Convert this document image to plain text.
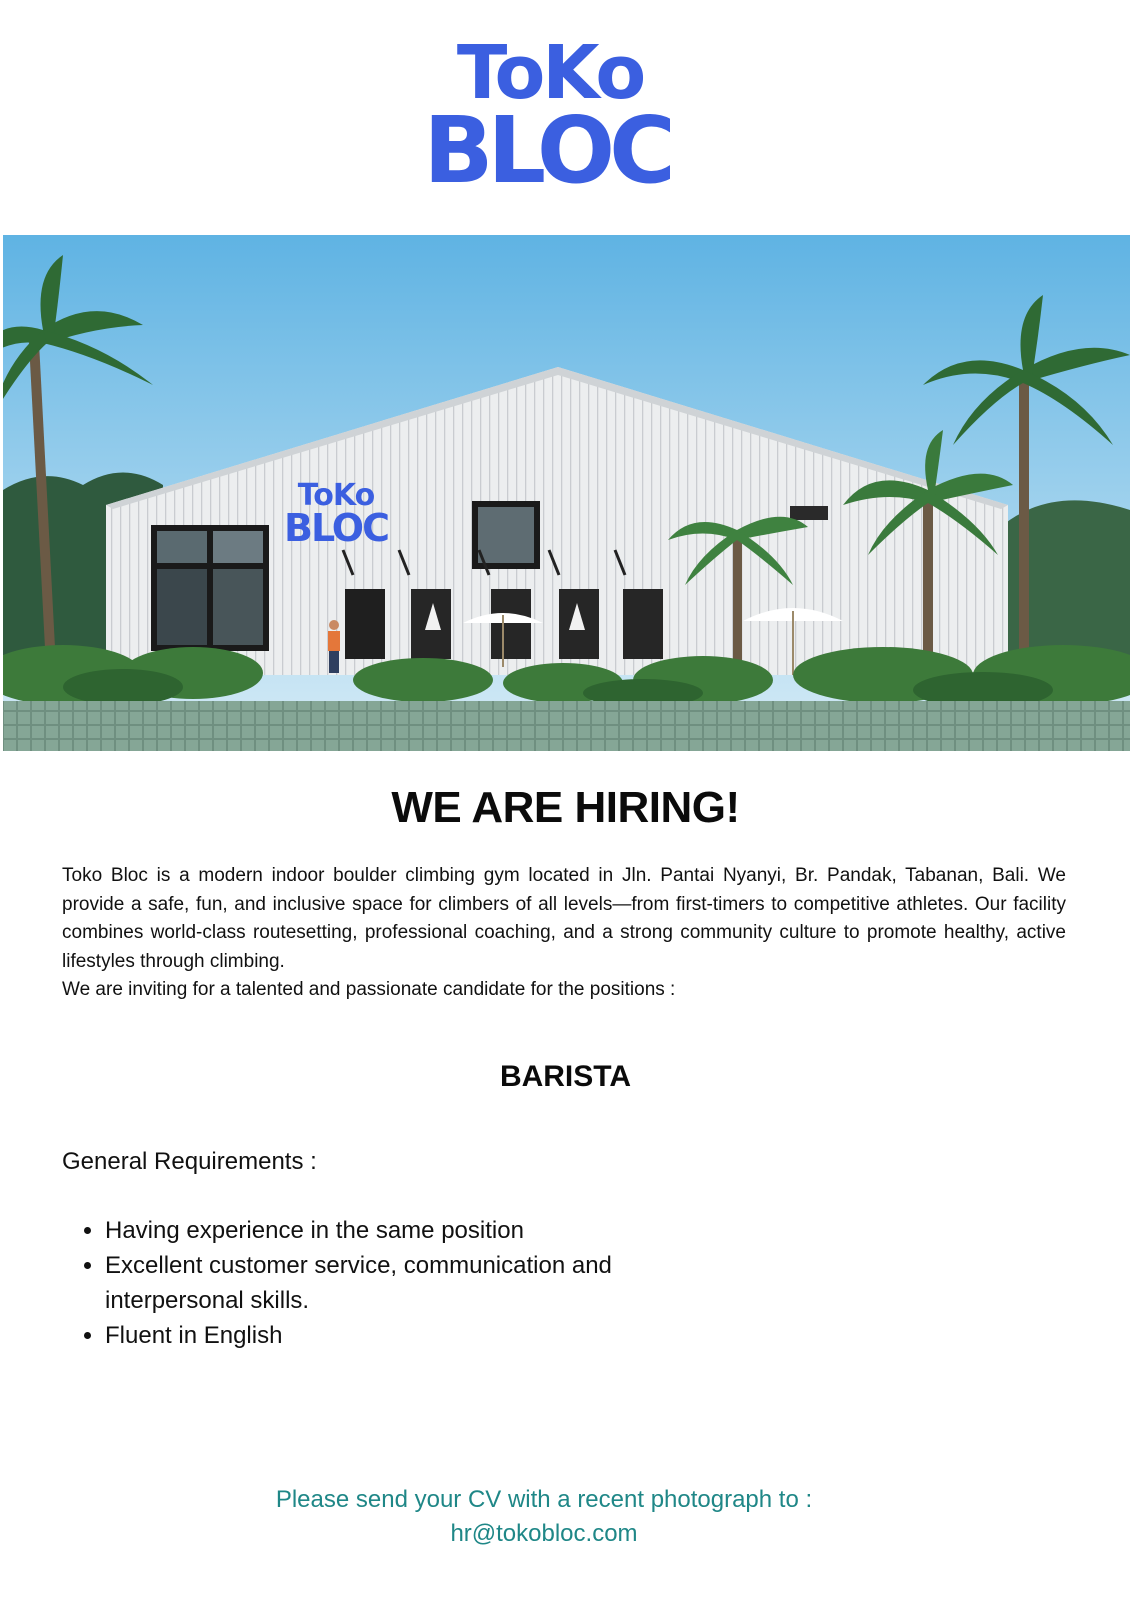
ToKo
BLOC
ToKo
BLOC
WE ARE HIRING!

Toko Bloc is a modern indoor boulder climbing gym located in Jln. Pantai Nyanyi, Br. Pandak, Tabanan, Bali. We provide a safe, fun, and inclusive space for climbers of all levels—from first-timers to competitive athletes. Our facility combines world-class routesetting, professional coaching, and a strong community culture to promote healthy, active lifestyles through climbing.

We are inviting for a talented and passionate candidate for the positions :

BARISTA
General Requirements :
• Having experience in the same position
• Excellent customer service, communication and interpersonal skills.
• Fluent in English
Please send your CV with a recent photograph to :
hr@tokobloc.com
